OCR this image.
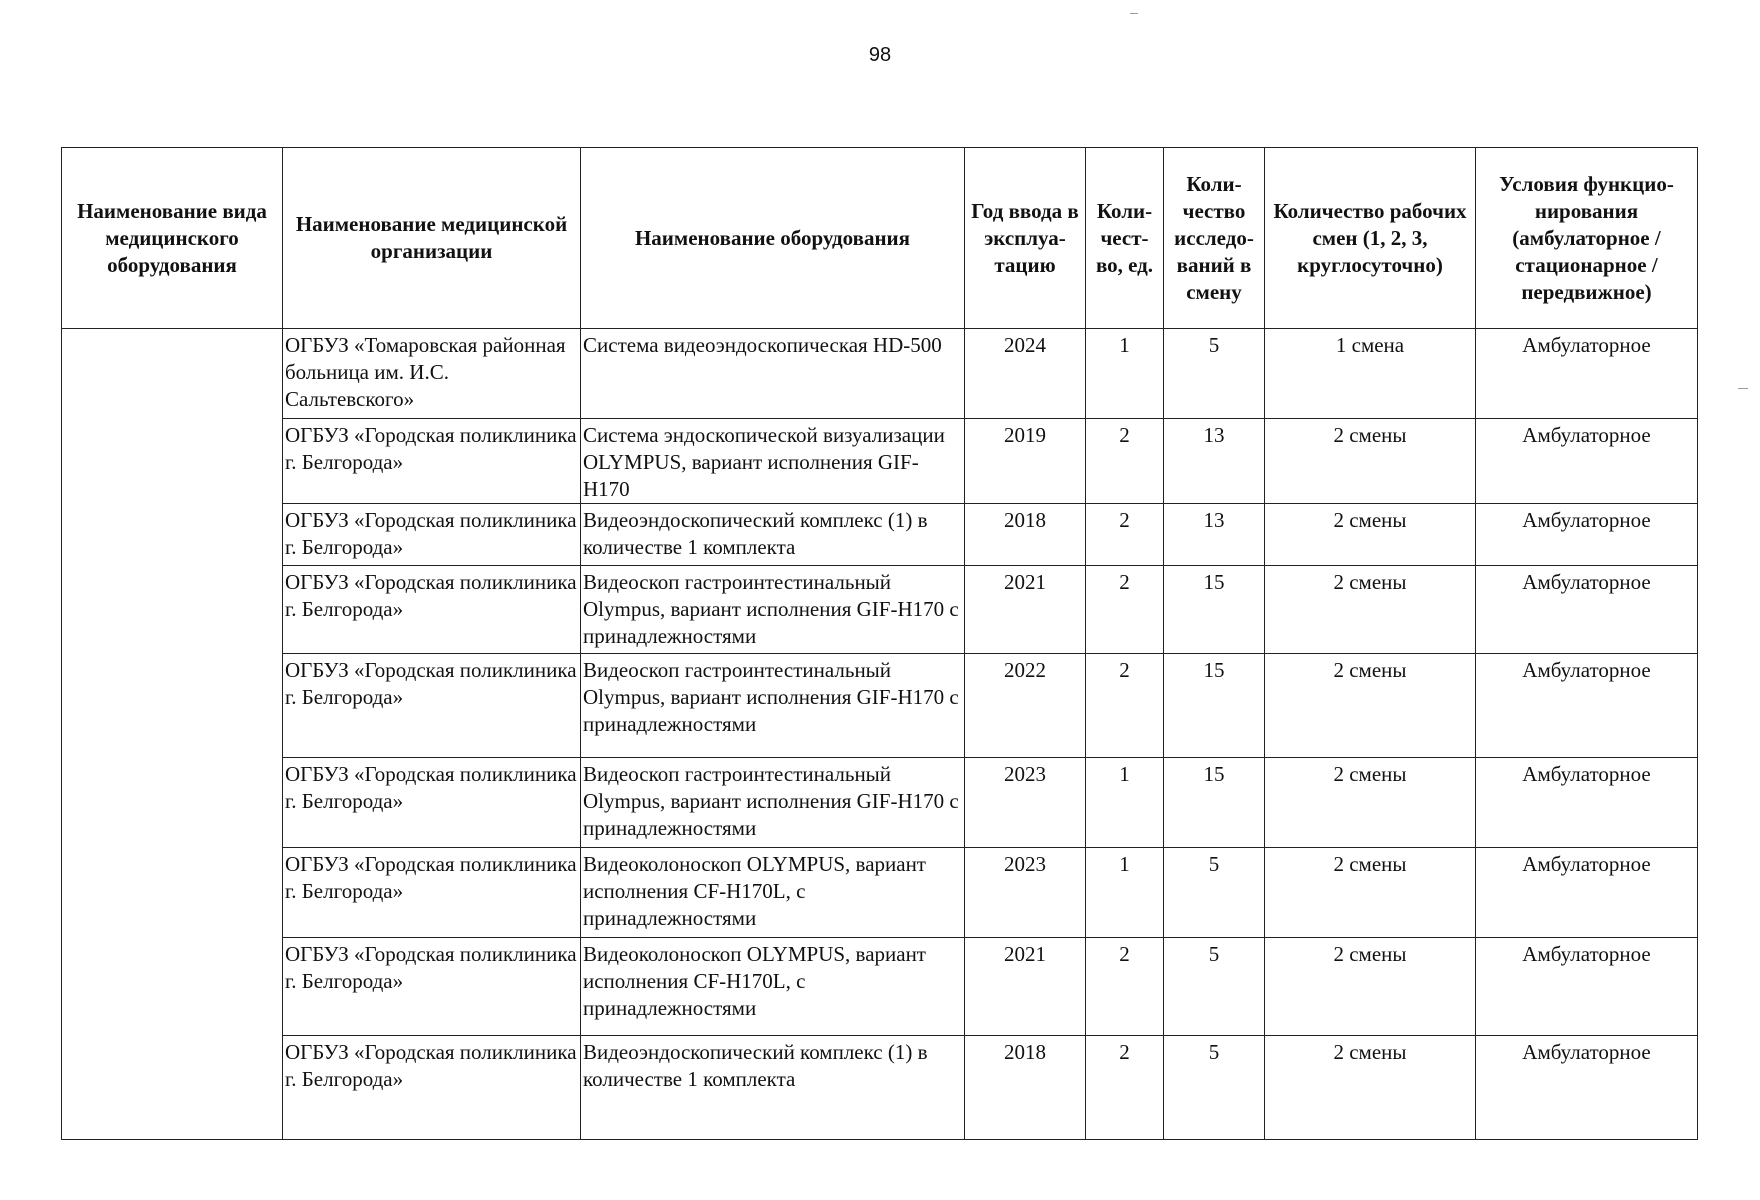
98
Наименование вида медицинского оборудования	Наименование медицинской организации	Наименование оборудования	Год ввода в эксплуа-тацию	Коли-чест-во, ед.	Коли-чество исследо-ваний в смену	Количество рабочих смен (1, 2, 3, круглосуточно)	Условия функцио-нирования (амбулаторное / стационарное / передвижное)
	ОГБУЗ «Томаровская районная больница им. И.С. Сальтевского»	Система видеоэндоскопическая HD-500	2024	1	5	1 смена	Амбулаторное
	ОГБУЗ «Городская поликлиника г. Белгорода»	Система эндоскопической визуализации OLYMPUS, вариант исполнения GIF-H170	2019	2	13	2 смены	Амбулаторное
	ОГБУЗ «Городская поликлиника г. Белгорода»	Видеоэндоскопический комплекс (1) в количестве 1 комплекта	2018	2	13	2 смены	Амбулаторное
	ОГБУЗ «Городская поликлиника г. Белгорода»	Видеоскоп гастроинтестинальный Olympus, вариант исполнения GIF-H170 с принадлежностями	2021	2	15	2 смены	Амбулаторное
	ОГБУЗ «Городская поликлиника г. Белгорода»	Видеоскоп гастроинтестинальный Olympus, вариант исполнения GIF-H170 с принадлежностями	2022	2	15	2 смены	Амбулаторное
	ОГБУЗ «Городская поликлиника г. Белгорода»	Видеоскоп гастроинтестинальный Olympus, вариант исполнения GIF-H170 с принадлежностями	2023	1	15	2 смены	Амбулаторное
	ОГБУЗ «Городская поликлиника г. Белгорода»	Видеоколоноскоп OLYMPUS, вариант исполнения CF-H170L, с принадлежностями	2023	1	5	2 смены	Амбулаторное
	ОГБУЗ «Городская поликлиника г. Белгорода»	Видеоколоноскоп OLYMPUS, вариант исполнения CF-H170L, с принадлежностями	2021	2	5	2 смены	Амбулаторное
	ОГБУЗ «Городская поликлиника г. Белгорода»	Видеоэндоскопический комплекс (1) в количестве 1 комплекта	2018	2	5	2 смены	Амбулаторное
